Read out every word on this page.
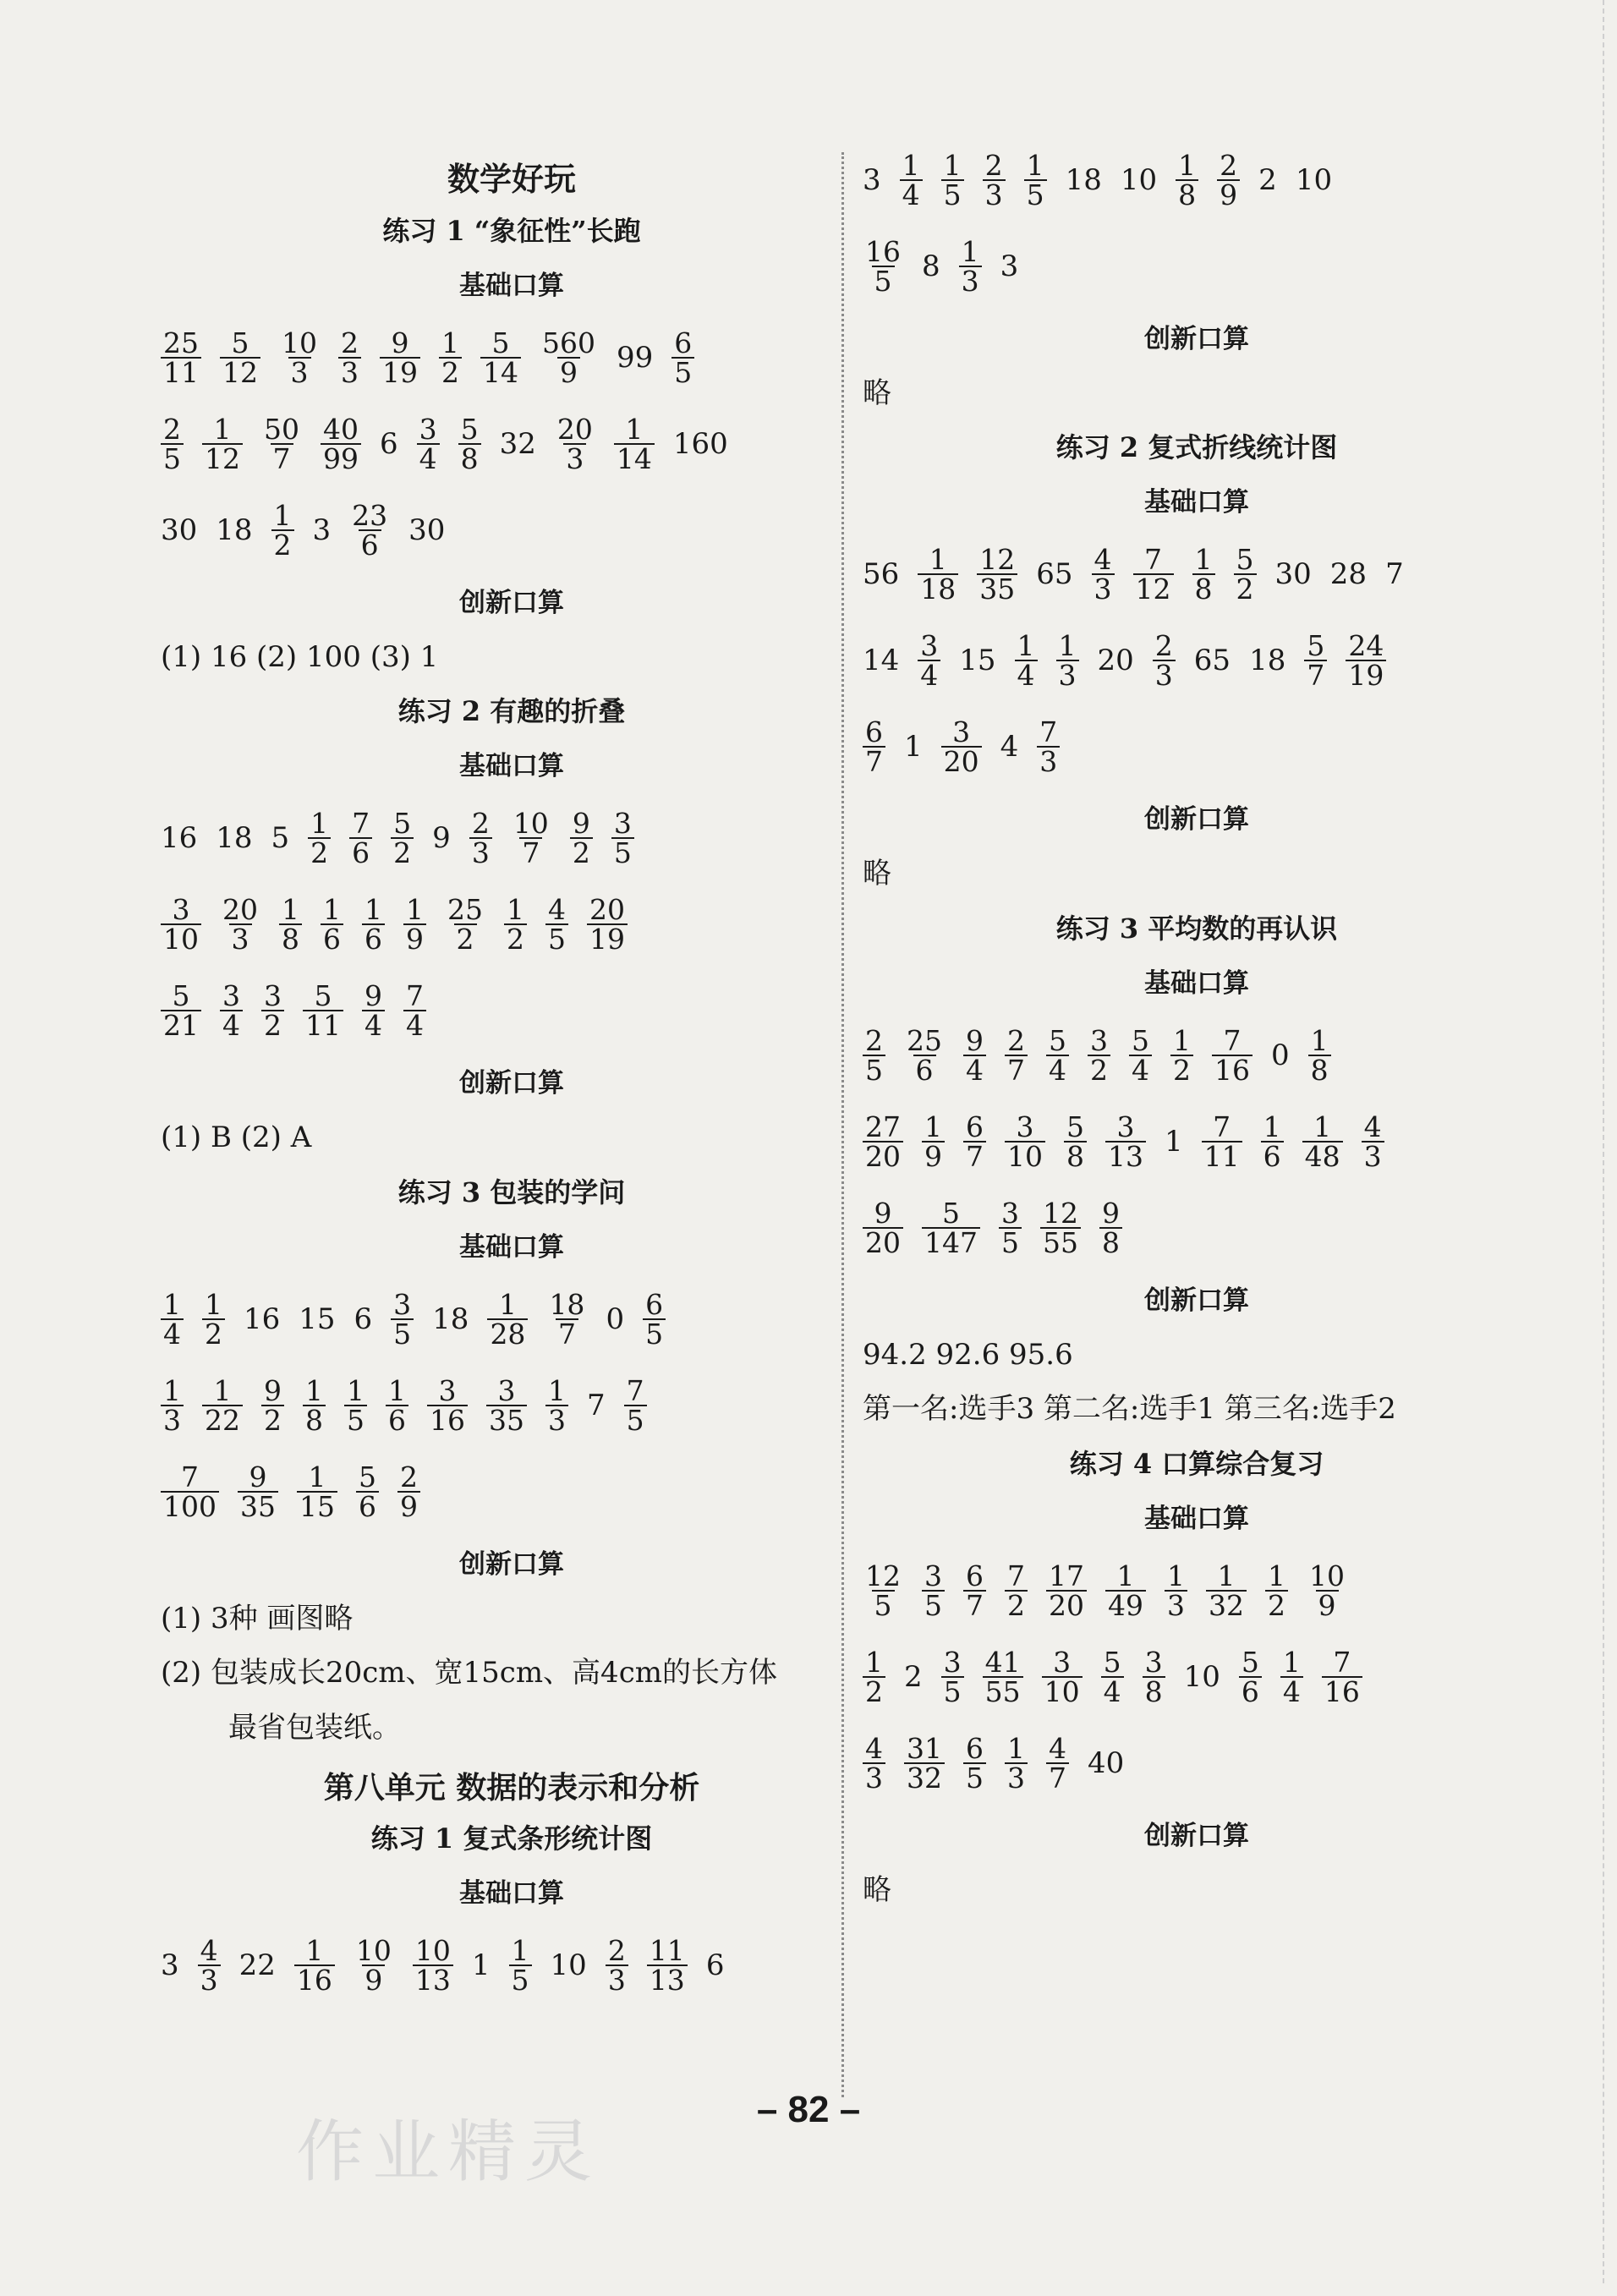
数学好玩
练习 1 “象征性”长跑
基础口算
$\frac{25}{11} \frac{5}{12} \frac{10}{3} \frac{2}{3} \frac{9}{19} \frac{1}{2} \frac{5}{14} \frac{560}{9} 99 \frac{6}{5}$
$\frac{2}{5} \frac{1}{12} \frac{50}{7} \frac{40}{99} 6 \frac{3}{4} \frac{5}{8} 32 \frac{20}{3} \frac{1}{14} 160$
30 $18 \frac{1}{2} 3 \frac{23}{6} 30$
创新口算
(1) 16 (2) 100 (3) 1
练习 2 有趣的折叠
基础口算
16 18 $5 \frac{1}{2} \frac{7}{6} \frac{5}{2} 9 \frac{2}{3} \frac{10}{7} \frac{9}{2} \frac{3}{5}$
$\frac{3}{10} \frac{20}{3} \frac{1}{8} \frac{1}{6} \frac{1}{6} \frac{1}{9} \frac{25}{2} \frac{1}{2} \frac{4}{5} \frac{20}{19}$
$\frac{5}{21} \frac{3}{4} \frac{3}{2} \frac{5}{11} \frac{9}{4} \frac{7}{4}$
创新口算
(1) B (2) A
练习 3 包装的学问
基础口算
$\frac{1}{4} \frac{1}{2} 16$ 15 $6 \frac{3}{5} 18 \frac{1}{28} \frac{18}{7} 0 \frac{6}{5}$
$\frac{1}{3} \frac{1}{22} \frac{9}{2} \frac{1}{8} \frac{1}{5} \frac{1}{6} \frac{3}{16} \frac{3}{35} \frac{1}{3} 7 \frac{7}{5}$
$\frac{7}{100} \frac{9}{35} \frac{1}{15} \frac{5}{6} \frac{2}{9}$
创新口算
(1) 3种 画图略
(2) 包装成长20cm、宽15cm、高4cm的长方体
最省包装纸。
第八单元 数据的表示和分析
练习 1 复式条形统计图
基础口算
$3 \frac{4}{3} 22 \frac{1}{16} \frac{10}{9} \frac{10}{13} 1 \frac{1}{5} 10 \frac{2}{3} \frac{11}{13} 6$
$3 \frac{1}{4} \frac{1}{5} \frac{2}{3} \frac{1}{5} 18$ $10 \frac{1}{8} \frac{2}{9} 2$ 10
$\frac{16}{5} 8 \frac{1}{3} 3$
创新口算
略
练习 2 复式折线统计图
基础口算
$56 \frac{1}{18} \frac{12}{35} 65 \frac{4}{3} \frac{7}{12} \frac{1}{8} \frac{5}{2} 30$ 28 7
$14 \frac{3}{4} 15 \frac{1}{4} \frac{1}{3} 20 \frac{2}{3} 65$ $18 \frac{5}{7} \frac{24}{19}$
$\frac{6}{7} 1 \frac{3}{20} 4 \frac{7}{3}$
创新口算
略
练习 3 平均数的再认识
基础口算
$\frac{2}{5} \frac{25}{6} \frac{9}{4} \frac{2}{7} \frac{5}{4} \frac{3}{2} \frac{5}{4} \frac{1}{2} \frac{7}{16} 0 \frac{1}{8}$
$\frac{27}{20} \frac{1}{9} \frac{6}{7} \frac{3}{10} \frac{5}{8} \frac{3}{13} 1 \frac{7}{11} \frac{1}{6} \frac{1}{48} \frac{4}{3}$
$\frac{9}{20} \frac{5}{147} \frac{3}{5} \frac{12}{55} \frac{9}{8}$
创新口算
94.2 92.6 95.6
第一名:选手3 第二名:选手1 第三名:选手2
练习 4 口算综合复习
基础口算
$\frac{12}{5} \frac{3}{5} \frac{6}{7} \frac{7}{2} \frac{17}{20} \frac{1}{49} \frac{1}{3} \frac{1}{32} \frac{1}{2} \frac{10}{9}$
$\frac{1}{2} 2 \frac{3}{5} \frac{41}{55} \frac{3}{10} \frac{5}{4} \frac{3}{8} 10 \frac{5}{6} \frac{1}{4} \frac{7}{16}$
$\frac{4}{3} \frac{31}{32} \frac{6}{5} \frac{1}{3} \frac{4}{7} 40$
创新口算
略
作业精灵
– 82 –
